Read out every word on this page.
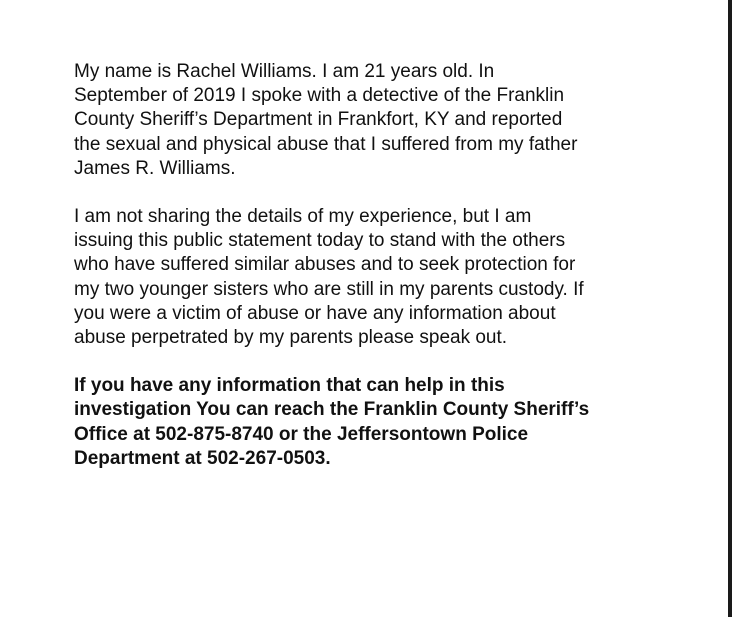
My name is Rachel Williams. I am 21 years old. In
September of 2019 I spoke with a detective of the Franklin
County Sheriff’s Department in Frankfort, KY and reported
the sexual and physical abuse that I suffered from my father
James R. Williams.

I am not sharing the details of my experience, but I am
issuing this public statement today to stand with the others
who have suffered similar abuses and to seek protection for
my two younger sisters who are still in my parents custody. If
you were a victim of abuse or have any information about
abuse perpetrated by my parents please speak out.

If you have any information that can help in this
investigation You can reach the Franklin County Sheriff’s
Office at 502-875-8740 or the Jeffersontown Police
Department at 502-267-0503.
